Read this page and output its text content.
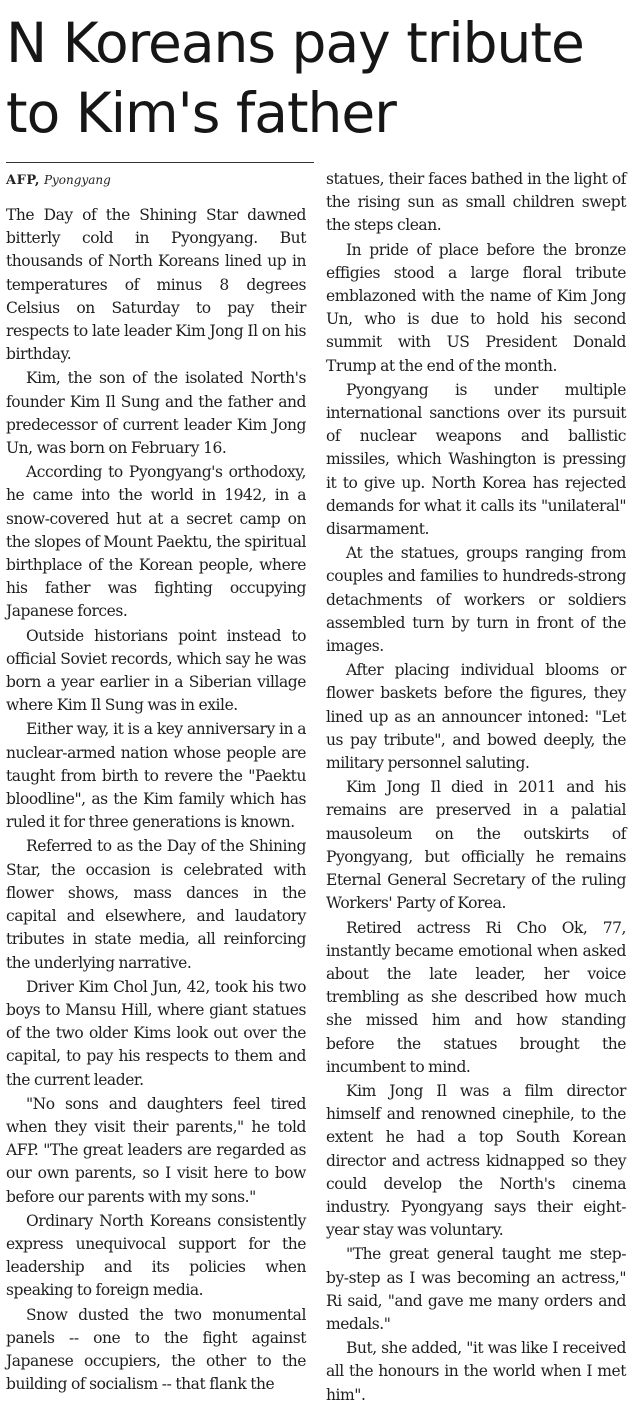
N Koreans pay tribute to Kim's father
AFP, Pyongyang

The Day of the Shining Star dawned bitterly cold in Pyongyang. But thousands of North Koreans lined up in temperatures of minus 8 degrees Celsius on Saturday to pay their respects to late leader Kim Jong Il on his birthday.

Kim, the son of the isolated North's founder Kim Il Sung and the father and predecessor of current leader Kim Jong Un, was born on February 16.

According to Pyongyang's orthodoxy, he came into the world in 1942, in a snow-covered hut at a secret camp on the slopes of Mount Paektu, the spiritual birthplace of the Korean people, where his father was fighting occupying Japanese forces.

Outside historians point instead to official Soviet records, which say he was born a year earlier in a Siberian village where Kim Il Sung was in exile.

Either way, it is a key anniversary in a nuclear-armed nation whose people are taught from birth to revere the "Paektu bloodline", as the Kim family which has ruled it for three generations is known.

Referred to as the Day of the Shining Star, the occasion is celebrated with flower shows, mass dances in the capital and elsewhere, and laudatory tributes in state media, all reinforcing the underlying narrative.

Driver Kim Chol Jun, 42, took his two boys to Mansu Hill, where giant statues of the two older Kims look out over the capital, to pay his respects to them and the current leader.

"No sons and daughters feel tired when they visit their parents," he told AFP. "The great leaders are regarded as our own parents, so I visit here to bow before our parents with my sons."

Ordinary North Koreans consistently express unequivocal support for the leadership and its policies when speaking to foreign media.

Snow dusted the two monumental panels -- one to the fight against Japanese occupiers, the other to the building of socialism -- that flank the

statues, their faces bathed in the light of the rising sun as small children swept the steps clean.

In pride of place before the bronze effigies stood a large floral tribute emblazoned with the name of Kim Jong Un, who is due to hold his second summit with US President Donald Trump at the end of the month.

Pyongyang is under multiple international sanctions over its pursuit of nuclear weapons and ballistic missiles, which Washington is pressing it to give up. North Korea has rejected demands for what it calls its "unilateral" disarmament.

At the statues, groups ranging from couples and families to hundreds-strong detachments of workers or soldiers assembled turn by turn in front of the images.

After placing individual blooms or flower baskets before the figures, they lined up as an announcer intoned: "Let us pay tribute", and bowed deeply, the military personnel saluting.

Kim Jong Il died in 2011 and his remains are preserved in a palatial mausoleum on the outskirts of Pyongyang, but officially he remains Eternal General Secretary of the ruling Workers' Party of Korea.

Retired actress Ri Cho Ok, 77, instantly became emotional when asked about the late leader, her voice trembling as she described how much she missed him and how standing before the statues brought the incumbent to mind.

Kim Jong Il was a film director himself and renowned cinephile, to the extent he had a top South Korean director and actress kidnapped so they could develop the North's cinema industry. Pyongyang says their eight-year stay was voluntary.

"The great general taught me step-by-step as I was becoming an actress," Ri said, "and gave me many orders and medals."

But, she added, "it was like I received all the honours in the world when I met him".
